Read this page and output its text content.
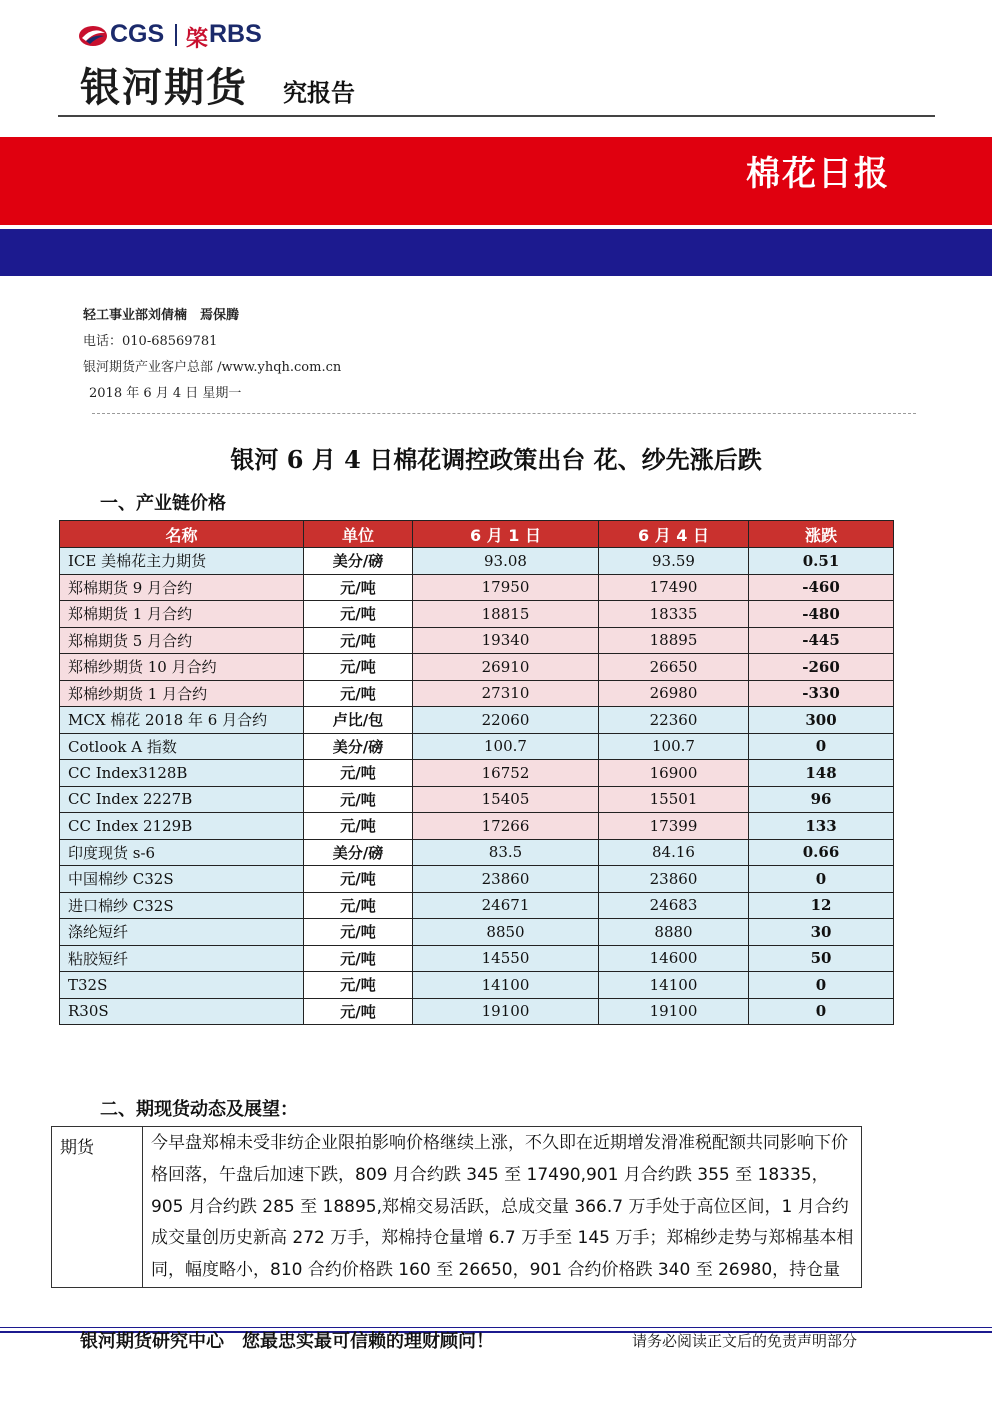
CGS 棨 RBS
银河期货 究报告
棉花日报
轻工事业部刘倩楠　焉保腾
电话：010-68569781
银河期货产业客户总部 /www.yhqh.com.cn
2018 年 6 月 4 日 星期一
银河 6 月 4 日棉花调控政策出台 花、纱先涨后跌
一、产业链价格
名称	单位	6 月 1 日	6 月 4 日	涨跌
ICE 美棉花主力期货	美分/磅	93.08	93.59	0.51
郑棉期货 9 月合约	元/吨	17950	17490	-460
郑棉期货 1 月合约	元/吨	18815	18335	-480
郑棉期货 5 月合约	元/吨	19340	18895	-445
郑棉纱期货 10 月合约	元/吨	26910	26650	-260
郑棉纱期货 1 月合约	元/吨	27310	26980	-330
MCX 棉花 2018 年 6 月合约	卢比/包	22060	22360	300
Cotlook A 指数	美分/磅	100.7	100.7	0
CC Index3128B	元/吨	16752	16900	148
CC Index 2227B	元/吨	15405	15501	96
CC Index 2129B	元/吨	17266	17399	133
印度现货 s-6	美分/磅	83.5	84.16	0.66
中国棉纱 C32S	元/吨	23860	23860	0
进口棉纱 C32S	元/吨	24671	24683	12
涤纶短纤	元/吨	8850	8880	30
粘胶短纤	元/吨	14550	14600	50
T32S	元/吨	14100	14100	0
R30S	元/吨	19100	19100	0
二、期现货动态及展望：
期货	今早盘郑棉未受非纺企业限拍影响价格继续上涨，不久即在近期增发滑准税配额共同影响下价格回落，午盘后加速下跌，809 月合约跌 345 至 17490,901 月合约跌 355 至 18335，905 月合约跌 285 至 18895,郑棉交易活跃，总成交量 366.7 万手处于高位区间，1 月合约成交量创历史新高 272 万手，郑棉持仓量增 6.7 万手至 145 万手；郑棉纱走势与郑棉基本相同，幅度略小，810 合约价格跌 160 至 26650，901 合约价格跌 340 至 26980，持仓量
银河期货研究中心　您最忠实最可信赖的理财顾问！	请务必阅读正文后的免责声明部分
